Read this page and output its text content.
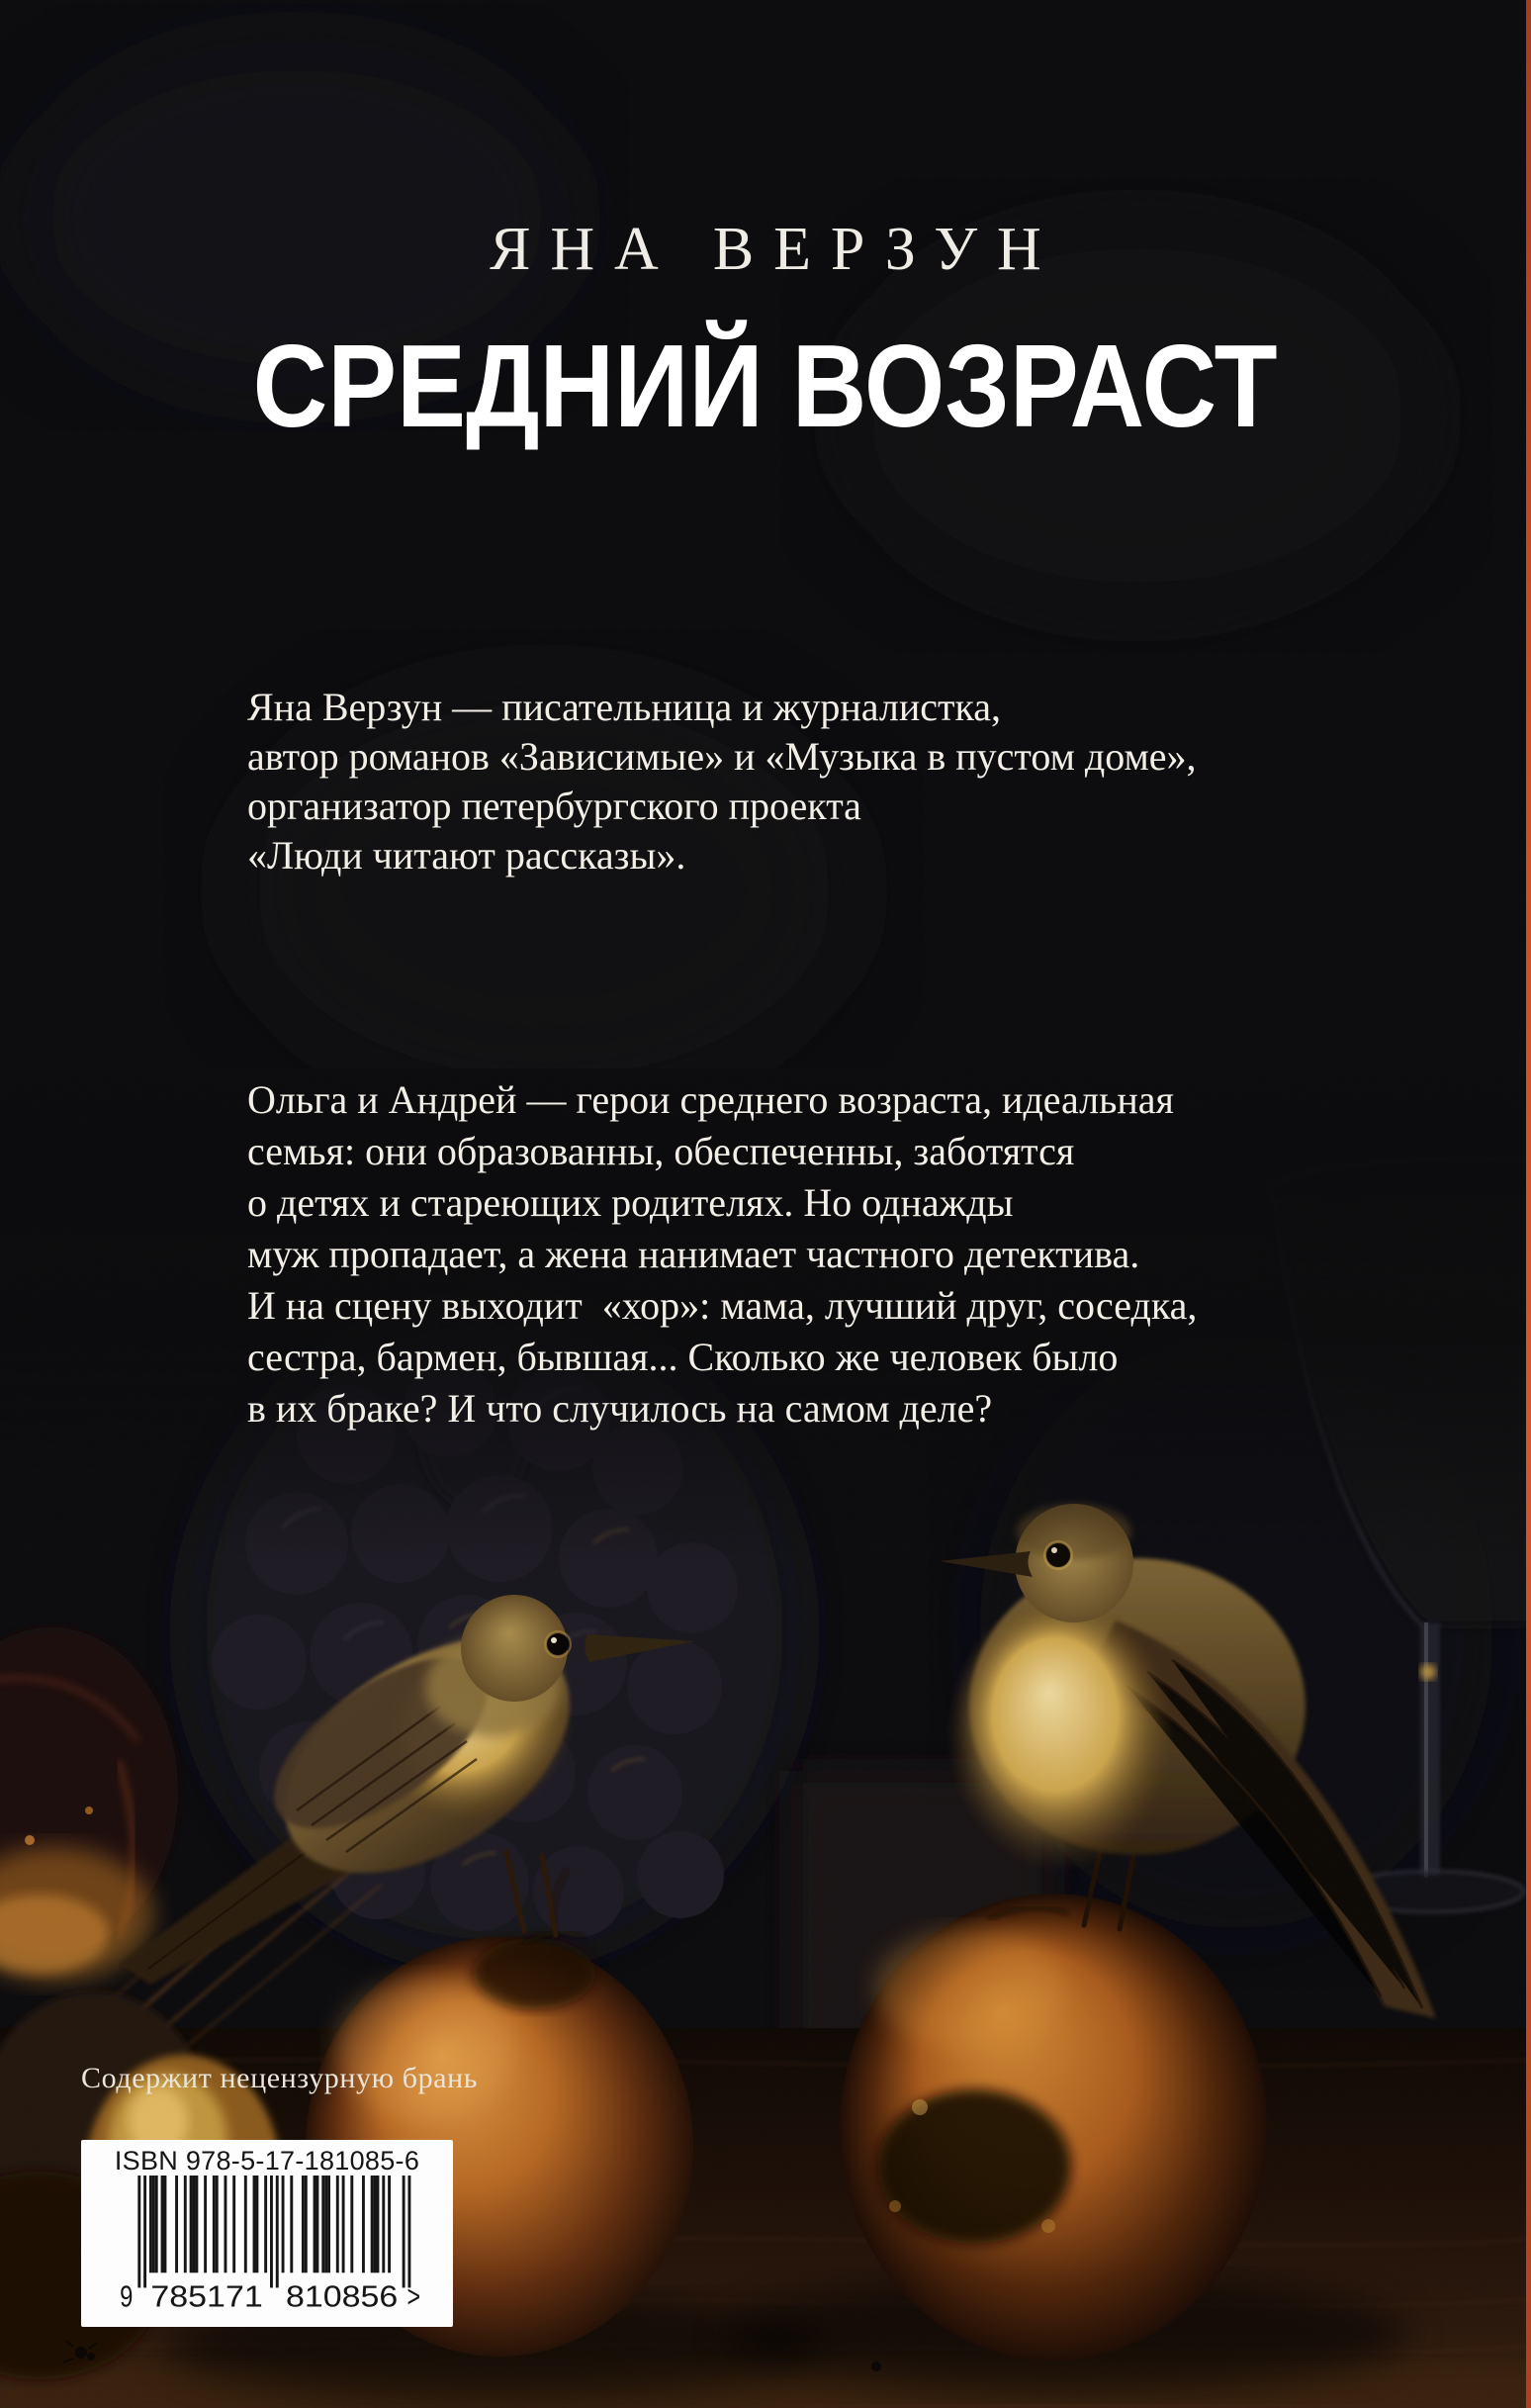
ЯНА ВЕРЗУН
СРЕДНИЙ ВОЗРАСТ

Яна Верзун — писательница и журналистка,
автор романов «Зависимые» и «Музыка в пустом доме»,
организатор петербургского проекта
«Люди читают рассказы».

Ольга и Андрей — герои среднего возраста, идеальная
семья: они образованны, обеспеченны, заботятся
о детях и стареющих родителях. Но однажды
муж пропадает, а жена нанимает частного детектива.
И на сцену выходит  «хор»: мама, лучший друг, соседка,
сестра, бармен, бывшая... Сколько же человек было
в их браке? И что случилось на самом деле?

Содержит нецензурную брань
ISBN 978-5-17-181085-6
9 785171	810856 >
